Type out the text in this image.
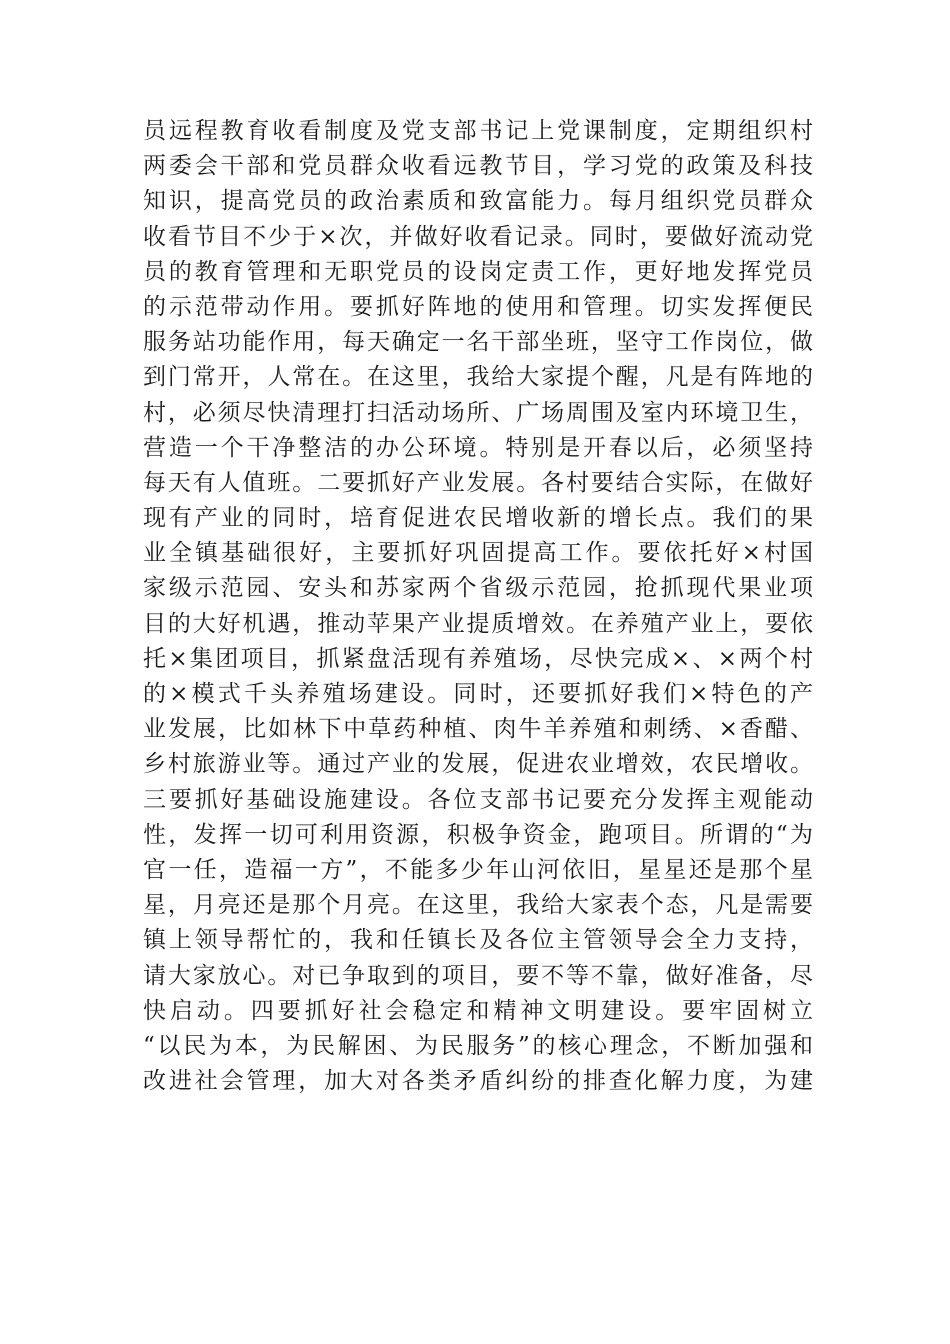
员远程教育收看制度及党支部书记上党课制度，定期组织村
两委会干部和党员群众收看远教节目，学习党的政策及科技
知识，提高党员的政治素质和致富能力。每月组织党员群众
收看节目不少于×次，并做好收看记录。同时，要做好流动党
员的教育管理和无职党员的设岗定责工作，更好地发挥党员
的示范带动作用。要抓好阵地的使用和管理。切实发挥便民
服务站功能作用，每天确定一名干部坐班，坚守工作岗位，做
到门常开，人常在。在这里，我给大家提个醒，凡是有阵地的
村，必须尽快清理打扫活动场所、广场周围及室内环境卫生，
营造一个干净整洁的办公环境。特别是开春以后，必须坚持
每天有人值班。二要抓好产业发展。各村要结合实际，在做好
现有产业的同时，培育促进农民增收新的增长点。我们的果
业全镇基础很好，主要抓好巩固提高工作。要依托好×村国
家级示范园、安头和苏家两个省级示范园，抢抓现代果业项
目的大好机遇，推动苹果产业提质增效。在养殖产业上，要依
托×集团项目，抓紧盘活现有养殖场，尽快完成×、×两个村
的×模式千头养殖场建设。同时，还要抓好我们×特色的产
业发展，比如林下中草药种植、肉牛羊养殖和刺绣、×香醋、
乡村旅游业等。通过产业的发展，促进农业增效，农民增收。
三要抓好基础设施建设。各位支部书记要充分发挥主观能动
性，发挥一切可利用资源，积极争资金，跑项目。所谓的“为
官一任，造福一方”，不能多少年山河依旧，星星还是那个星
星，月亮还是那个月亮。在这里，我给大家表个态，凡是需要
镇上领导帮忙的，我和任镇长及各位主管领导会全力支持，
请大家放心。对已争取到的项目，要不等不靠，做好准备，尽
快启动。四要抓好社会稳定和精神文明建设。要牢固树立
“以民为本，为民解困、为民服务”的核心理念，不断加强和
改进社会管理，加大对各类矛盾纠纷的排查化解力度，为建
